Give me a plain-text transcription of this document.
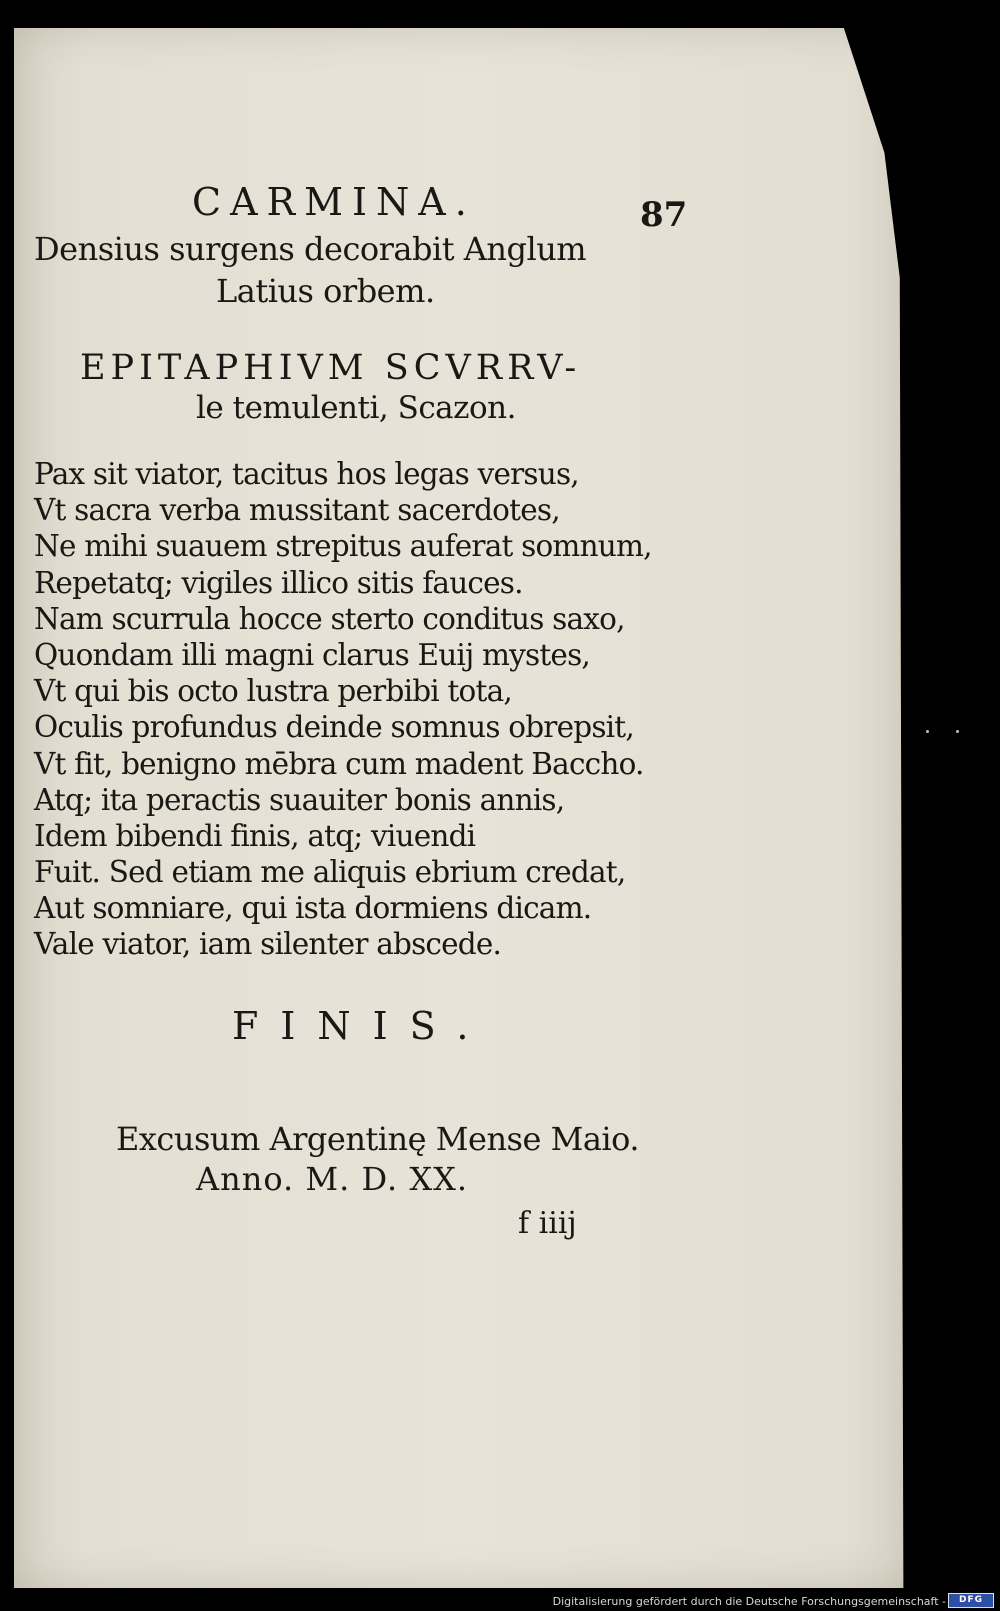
CARMINA.	87
Densius surgens decorabit Anglum
Latius orbem.
EPITAPHIVM SCVRRV-
le temulenti, Scazon.
Pax sit viator, tacitus hos legas versus,
Vt sacra verba mussitant sacerdotes,
Ne mihi suauem strepitus auferat somnum,
Repetatq; vigiles illico sitis fauces.
Nam scurrula hocce sterto conditus saxo,
Quondam illi magni clarus Euij mystes,
Vt qui bis octo lustra perbibi tota,
Oculis profundus deinde somnus obrepsit,
Vt fit, benigno mēbra cum madent Baccho.
Atq; ita peractis suauiter bonis annis,
Idem bibendi finis, atq; viuendi
Fuit. Sed etiam me aliquis ebrium credat,
Aut somniare, qui ista dormiens dicam.
Vale viator, iam silenter abscede.
FINIS.
Excusum Argentinę Mense Maio.
Anno. M. D. XX.
f iiij
Digitalisierung gefördert durch die Deutsche Forschungsgemeinschaft -	DFG
